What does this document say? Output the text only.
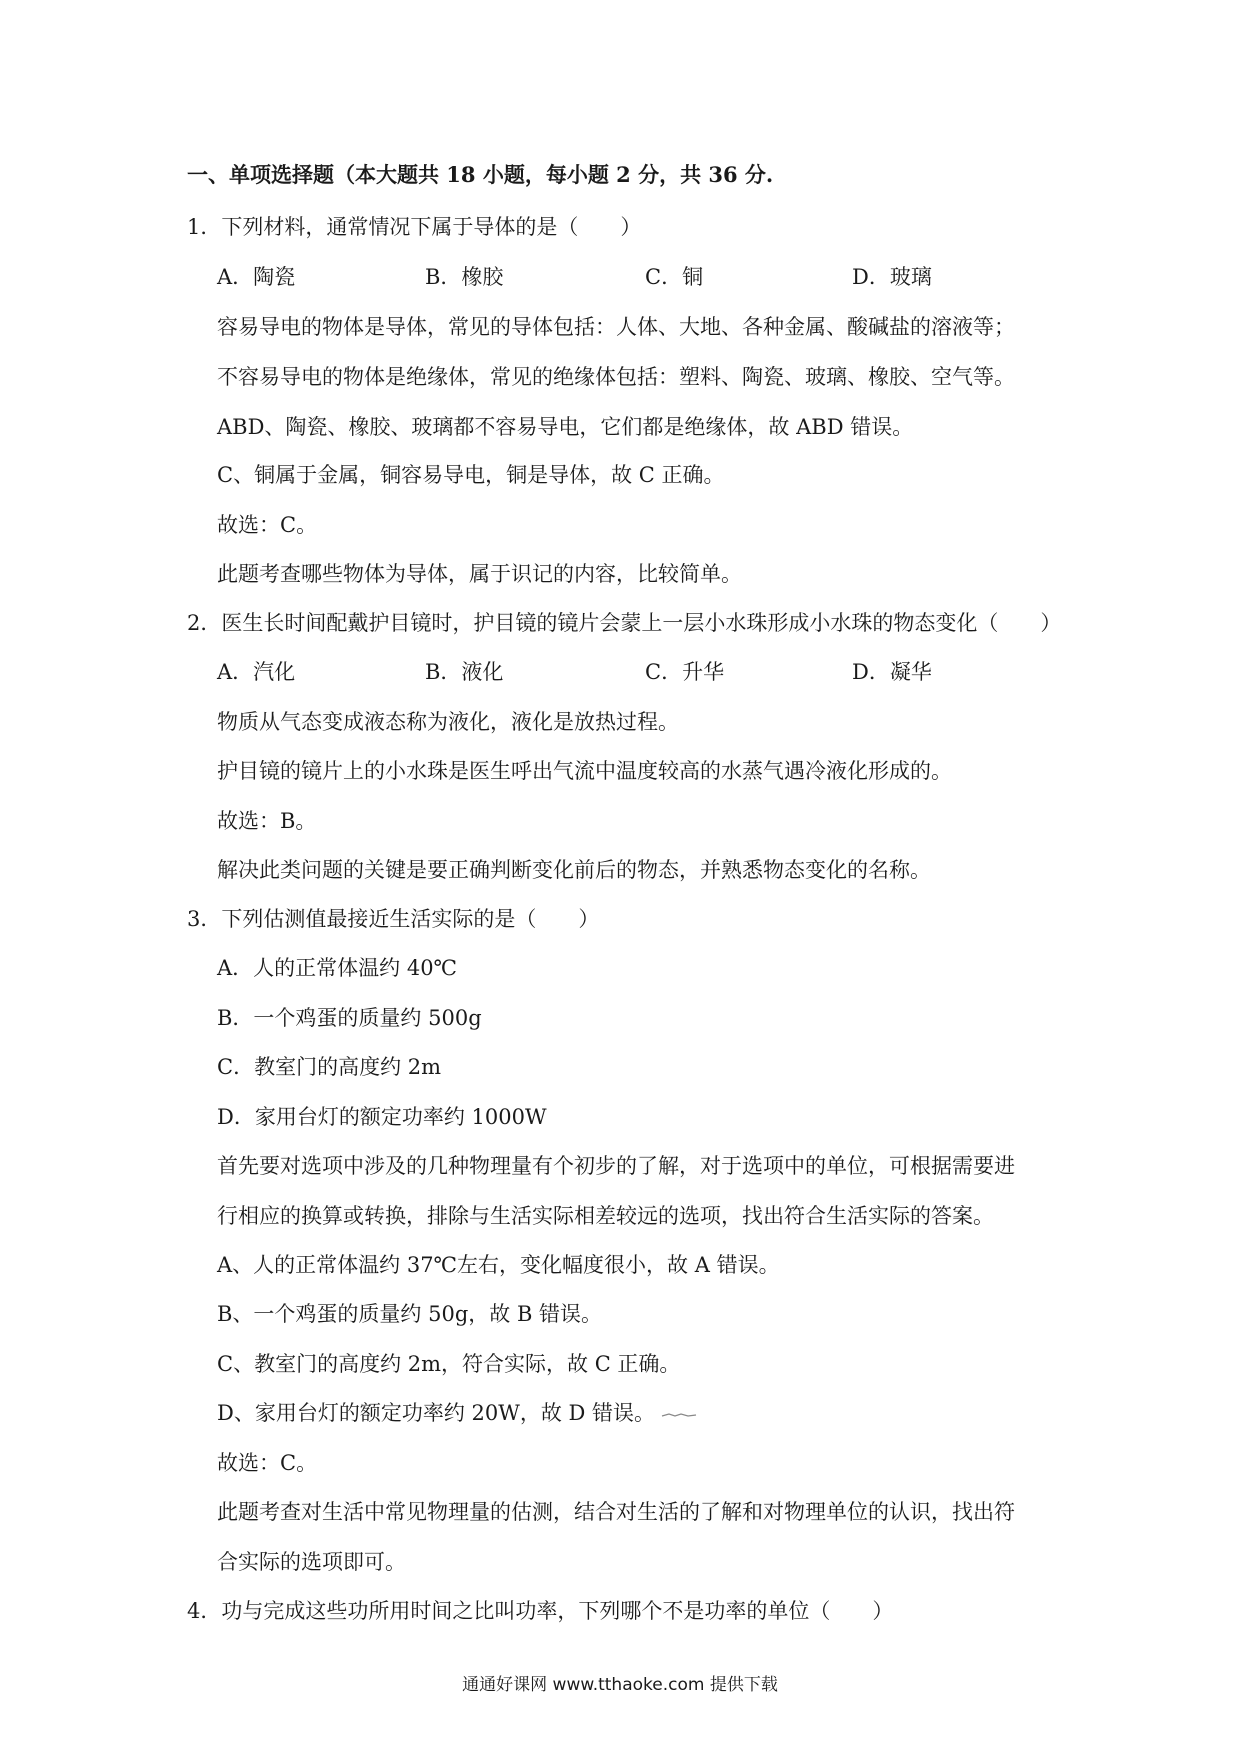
一、单项选择题（本大题共 18 小题，每小题 2 分，共 36 分.
1．下列材料，通常情况下属于导体的是（　　）
A．陶瓷	B．橡胶	C．铜	D．玻璃
容易导电的物体是导体，常见的导体包括：人体、大地、各种金属、酸碱盐的溶液等；
不容易导电的物体是绝缘体，常见的绝缘体包括：塑料、陶瓷、玻璃、橡胶、空气等。
ABD、陶瓷、橡胶、玻璃都不容易导电，它们都是绝缘体，故 ABD 错误。
C、铜属于金属，铜容易导电，铜是导体，故 C 正确。
故选：C。
此题考查哪些物体为导体，属于识记的内容，比较简单。
2．医生长时间配戴护目镜时，护目镜的镜片会蒙上一层小水珠形成小水珠的物态变化（　　）
A．汽化	B．液化	C．升华	D．凝华
物质从气态变成液态称为液化，液化是放热过程。
护目镜的镜片上的小水珠是医生呼出气流中温度较高的水蒸气遇冷液化形成的。
故选：B。
解决此类问题的关键是要正确判断变化前后的物态，并熟悉物态变化的名称。
3．下列估测值最接近生活实际的是（　　）
A．人的正常体温约 40℃
B．一个鸡蛋的质量约 500g
C．教室门的高度约 2m
D．家用台灯的额定功率约 1000W
首先要对选项中涉及的几种物理量有个初步的了解，对于选项中的单位，可根据需要进
行相应的换算或转换，排除与生活实际相差较远的选项，找出符合生活实际的答案。
A、人的正常体温约 37℃左右，变化幅度很小，故 A 错误。
B、一个鸡蛋的质量约 50g，故 B 错误。
C、教室门的高度约 2m，符合实际，故 C 正确。
D、家用台灯的额定功率约 20W，故 D 错误。
故选：C。
此题考查对生活中常见物理量的估测，结合对生活的了解和对物理单位的认识，找出符
合实际的选项即可。
4．功与完成这些功所用时间之比叫功率，下列哪个不是功率的单位（　　）
通通好课网 www.tthaoke.com 提供下载
